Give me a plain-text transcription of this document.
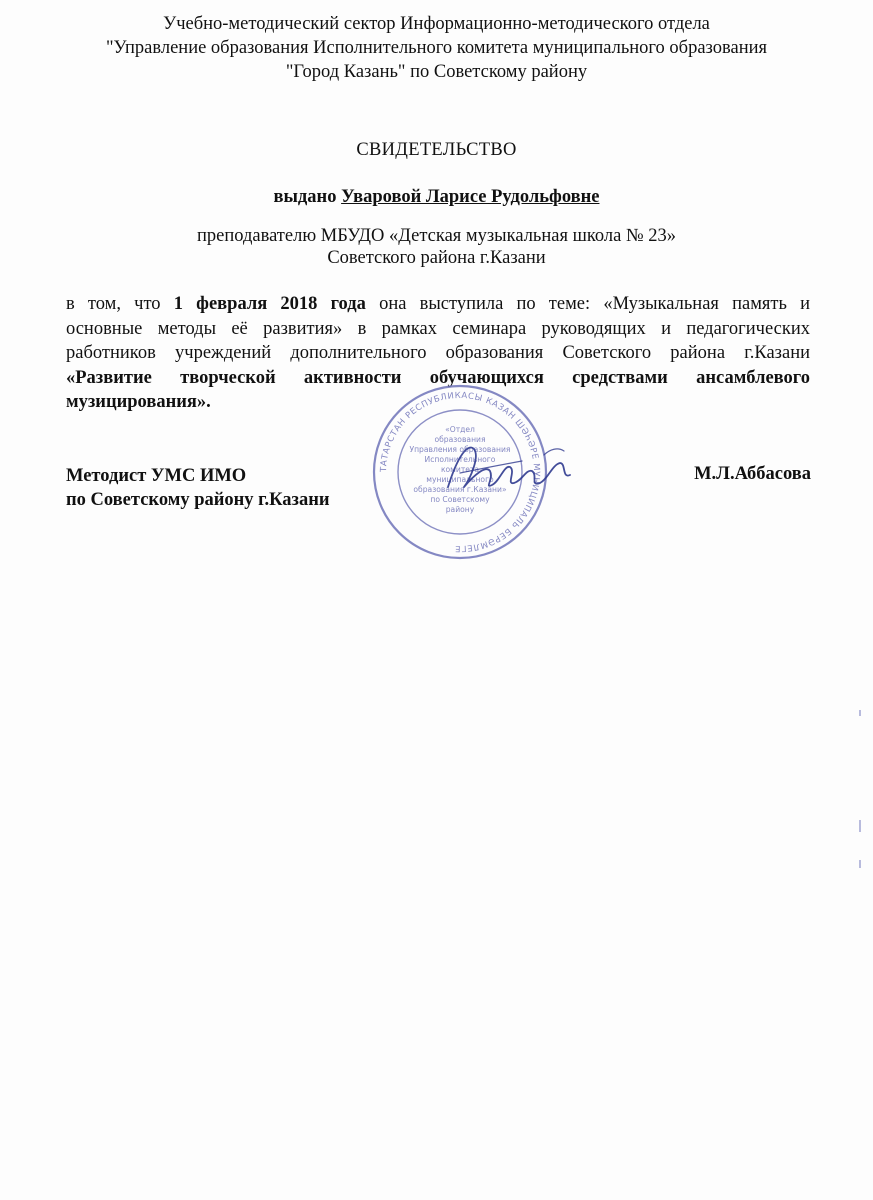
Учебно-методический сектор Информационно-методического отдела
"Управление образования Исполнительного комитета муниципального образования
"Город Казань" по Советскому району
СВИДЕТЕЛЬСТВО
выдано Уваровой Ларисе Рудольфовне
преподавателю МБУДО «Детская музыкальная школа № 23»
Советского района г.Казани
в том, что 1 февраля 2018 года она выступила по теме: «Музыкальная память и
основные методы её развития» в рамках семинара руководящих и педагогических
работников учреждений дополнительного образования Советского района г.Казани
«Развитие творческой активности обучающихся средствами ансамблевого
музицирования».
Методист УМС ИМО
по Советскому району г.Казани
М.Л.Аббасова
ТАТАРСТАН РЕСПУБЛИКАСЫ КАЗАН ШӘҺӘРЕ МУНИЦИПАЛЬ БЕРӘМЛЕГЕ
«Отдел
образования
Управления образования
Исполнительного
комитета
муниципального
образования г.Казани»
по Советскому
району
